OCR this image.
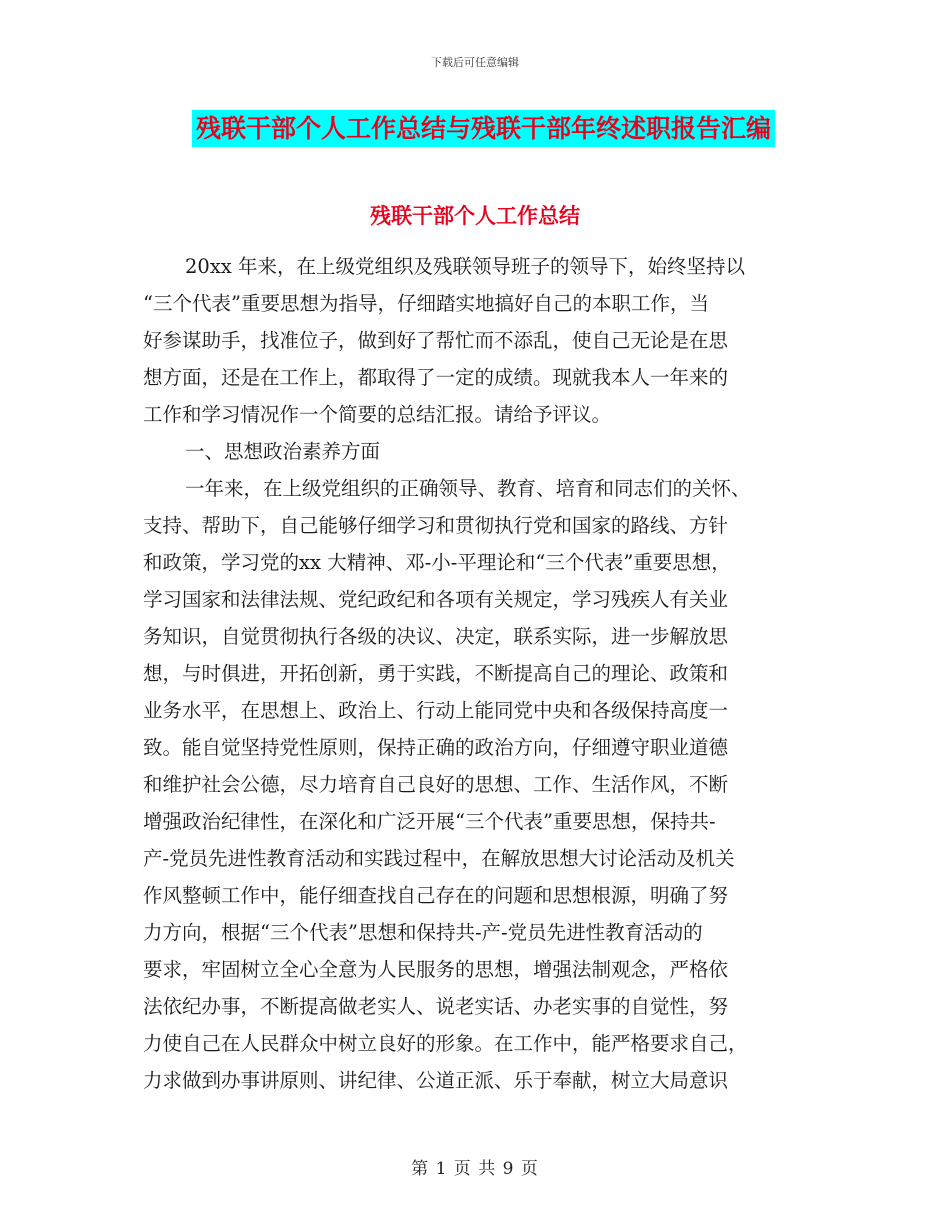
下载后可任意编辑
残联干部个人工作总结与残联干部年终述职报告汇编
残联干部个人工作总结
20xx 年来，在上级党组织及残联领导班子的领导下，始终坚持以
“三个代表”重要思想为指导，仔细踏实地搞好自己的本职工作，当
好参谋助手，找准位子，做到好了帮忙而不添乱，使自己无论是在思
想方面，还是在工作上，都取得了一定的成绩。现就我本人一年来的
工作和学习情况作一个简要的总结汇报。请给予评议。
一、思想政治素养方面
一年来，在上级党组织的正确领导、教育、培育和同志们的关怀、
支持、帮助下，自己能够仔细学习和贯彻执行党和国家的路线、方针
和政策，学习党的xx 大精神、邓-小-平理论和“三个代表”重要思想，
学习国家和法律法规、党纪政纪和各项有关规定，学习残疾人有关业
务知识，自觉贯彻执行各级的决议、决定，联系实际，进一步解放思
想，与时俱进，开拓创新，勇于实践，不断提高自己的理论、政策和
业务水平，在思想上、政治上、行动上能同党中央和各级保持高度一
致。能自觉坚持党性原则，保持正确的政治方向，仔细遵守职业道德
和维护社会公德，尽力培育自己良好的思想、工作、生活作风，不断
增强政治纪律性，在深化和广泛开展“三个代表”重要思想，保持共-
产-党员先进性教育活动和实践过程中，在解放思想大讨论活动及机关
作风整顿工作中，能仔细查找自己存在的问题和思想根源，明确了努
力方向，根据“三个代表”思想和保持共-产-党员先进性教育活动的
要求，牢固树立全心全意为人民服务的思想，增强法制观念，严格依
法依纪办事，不断提高做老实人、说老实话、办老实事的自觉性，努
力使自己在人民群众中树立良好的形象。在工作中，能严格要求自己，
力求做到办事讲原则、讲纪律、公道正派、乐于奉献，树立大局意识
第 1 页 共 9 页
